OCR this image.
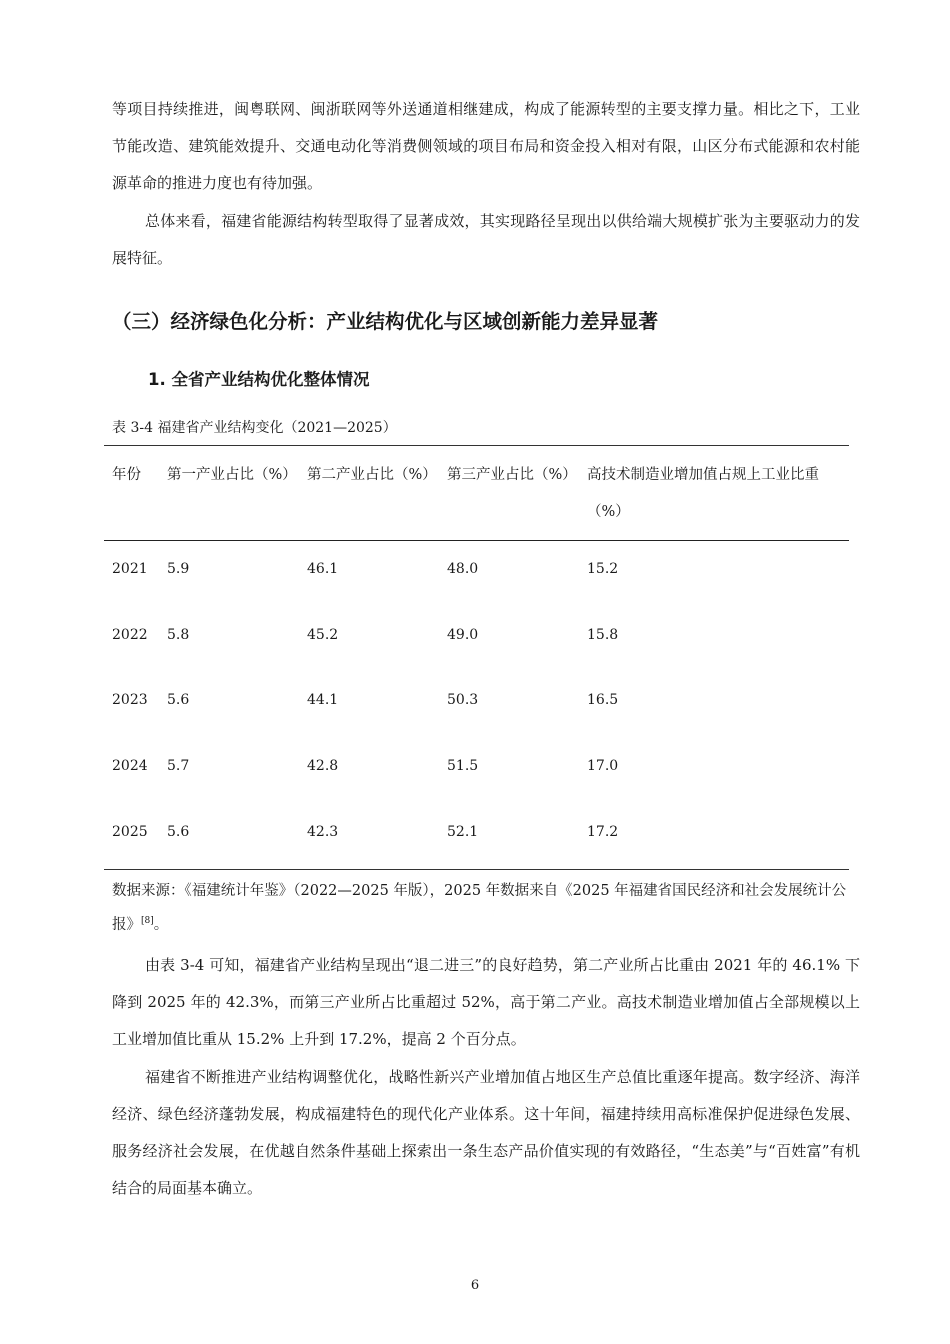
等项目持续推进，闽粤联网、闽浙联网等外送通道相继建成，构成了能源转型的主要支撑力量。相比之下，工业节能改造、建筑能效提升、交通电动化等消费侧领域的项目布局和资金投入相对有限，山区分布式能源和农村能源革命的推进力度也有待加强。

总体来看，福建省能源结构转型取得了显著成效，其实现路径呈现出以供给端大规模扩张为主要驱动力的发展特征。

（三）经济绿色化分析：产业结构优化与区域创新能力差异显著
1. 全省产业结构优化整体情况
表 3-4 福建省产业结构变化（2021—2025）
年份	第一产业占比（%） 第二产业占比（%） 第三产业占比（%） 高技术制造业增加值占规上工业比重（%）
2021 5.9	46.1	48.0	15.2
2022 5.8	45.2	49.0	15.8
2023 5.6	44.1	50.3	16.5
2024 5.7	42.8	51.5	17.0
2025 5.6	42.3	52.1	17.2

数据来源：《福建统计年鉴》（2022—2025 年版），2025 年数据来自《2025 年福建省国民经济和社会发展统计公报》[8]。

由表 3-4 可知，福建省产业结构呈现出“退二进三”的良好趋势，第二产业所占比重由 2021 年的 46.1% 下降到 2025 年的 42.3%，而第三产业所占比重超过 52%，高于第二产业。高技术制造业增加值占全部规模以上工业增加值比重从 15.2% 上升到 17.2%，提高 2 个百分点。

福建省不断推进产业结构调整优化，战略性新兴产业增加值占地区生产总值比重逐年提高。数字经济、海洋经济、绿色经济蓬勃发展，构成福建特色的现代化产业体系。这十年间，福建持续用高标准保护促进绿色发展、服务经济社会发展，在优越自然条件基础上探索出一条生态产品价值实现的有效路径，“生态美”与“百姓富”有机结合的局面基本确立。

6
